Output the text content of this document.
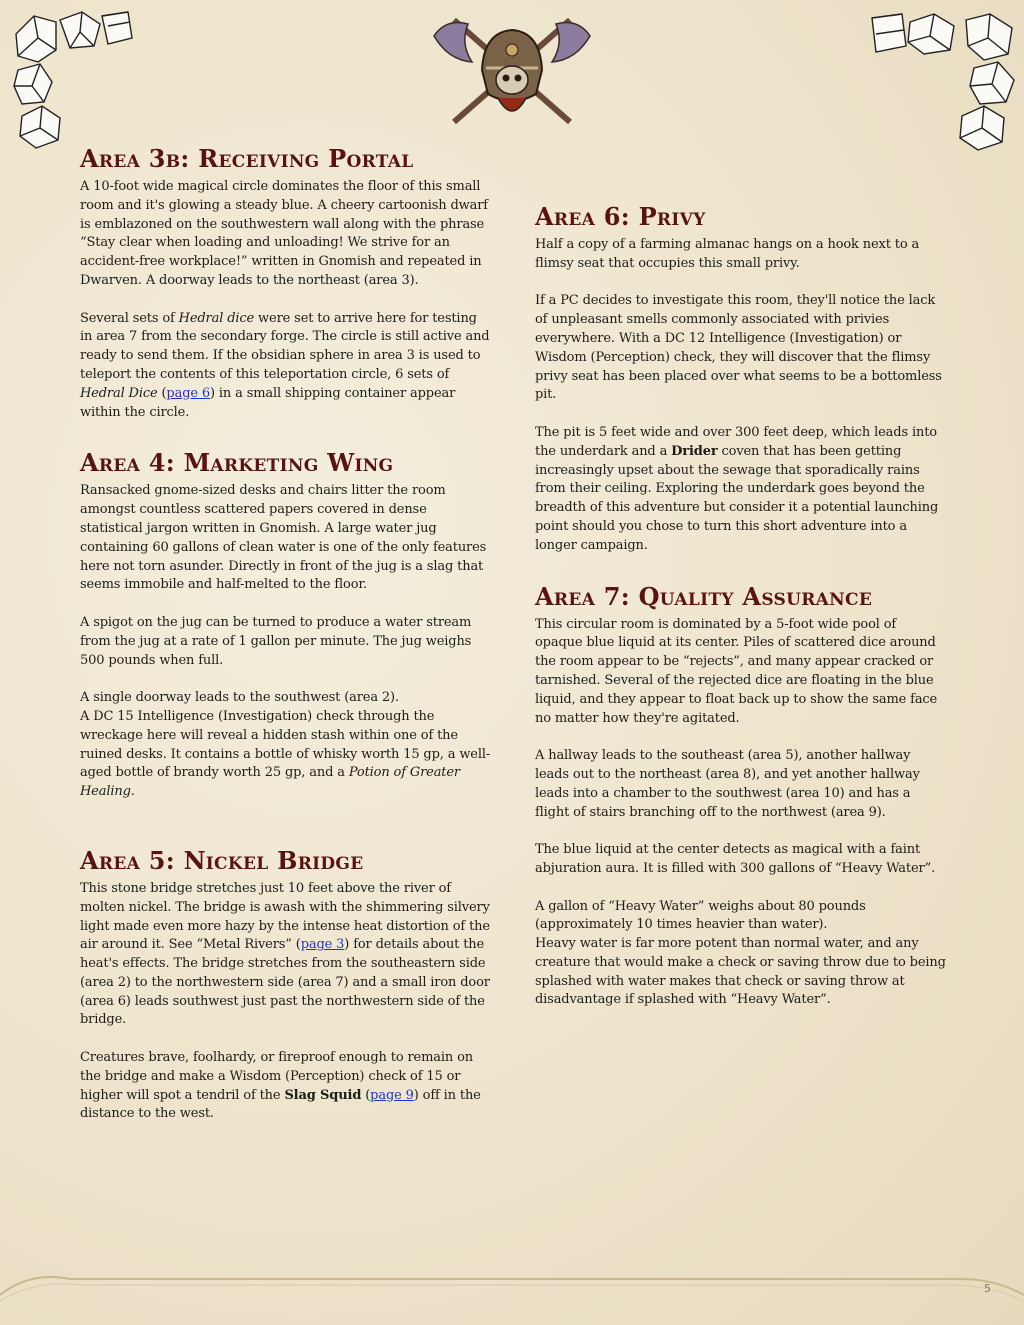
Area 3b: Receiving Portal

A 10-foot wide magical circle dominates the floor of this small room and it's glowing a steady blue. A cheery cartoonish dwarf is emblazoned on the southwestern wall along with the phrase “Stay clear when loading and unloading! We strive for an accident-free workplace!” written in Gnomish and repeated in Dwarven. A doorway leads to the northeast (area 3).

Several sets of Hedral dice were set to arrive here for testing in area 7 from the secondary forge. The circle is still active and ready to send them. If the obsidian sphere in area 3 is used to teleport the contents of this teleportation circle, 6 sets of Hedral Dice (page 6) in a small shipping container appear within the circle.

Area 4: Marketing Wing

Ransacked gnome-sized desks and chairs litter the room amongst countless scattered papers covered in dense statistical jargon written in Gnomish. A large water jug containing 60 gallons of clean water is one of the only features here not torn asunder. Directly in front of the jug is a slag that seems immobile and half-melted to the floor.

A spigot on the jug can be turned to produce a water stream from the jug at a rate of 1 gallon per minute. The jug weighs 500 pounds when full.

A single doorway leads to the southwest (area 2).

A DC 15 Intelligence (Investigation) check through the wreckage here will reveal a hidden stash within one of the ruined desks. It contains a bottle of whisky worth 15 gp, a well-aged bottle of brandy worth 25 gp, and a Potion of Greater Healing.

Area 5: Nickel Bridge

This stone bridge stretches just 10 feet above the river of molten nickel. The bridge is awash with the shimmering silvery light made even more hazy by the intense heat distortion of the air around it. See “Metal Rivers” (page 3) for details about the heat's effects. The bridge stretches from the southeastern side (area 2) to the northwestern side (area 7) and a small iron door (area 6) leads southwest just past the northwestern side of the bridge.

Creatures brave, foolhardy, or fireproof enough to remain on the bridge and make a Wisdom (Perception) check of 15 or higher will spot a tendril of the Slag Squid (page 9) off in the distance to the west.

Area 6: Privy

Half a copy of a farming almanac hangs on a hook next to a flimsy seat that occupies this small privy.

If a PC decides to investigate this room, they'll notice the lack of unpleasant smells commonly associated with privies everywhere. With a DC 12 Intelligence (Investigation) or Wisdom (Perception) check, they will discover that the flimsy privy seat has been placed over what seems to be a bottomless pit.

The pit is 5 feet wide and over 300 feet deep, which leads into the underdark and a Drider coven that has been getting increasingly upset about the sewage that sporadically rains from their ceiling. Exploring the underdark goes beyond the breadth of this adventure but consider it a potential launching point should you chose to turn this short adventure into a longer campaign.

Area 7: Quality Assurance

This circular room is dominated by a 5-foot wide pool of opaque blue liquid at its center. Piles of scattered dice around the room appear to be “rejects”, and many appear cracked or tarnished. Several of the rejected dice are floating in the blue liquid, and they appear to float back up to show the same face no matter how they're agitated.

A hallway leads to the southeast (area 5), another hallway leads out to the northeast (area 8), and yet another hallway leads into a chamber to the southwest (area 10) and has a flight of stairs branching off to the northwest (area 9).

The blue liquid at the center detects as magical with a faint abjuration aura. It is filled with 300 gallons of “Heavy Water”.

A gallon of “Heavy Water” weighs about 80 pounds (approximately 10 times heavier than water).

Heavy water is far more potent than normal water, and any creature that would make a check or saving throw due to being splashed with water makes that check or saving throw at disadvantage if splashed with “Heavy Water”.

5
